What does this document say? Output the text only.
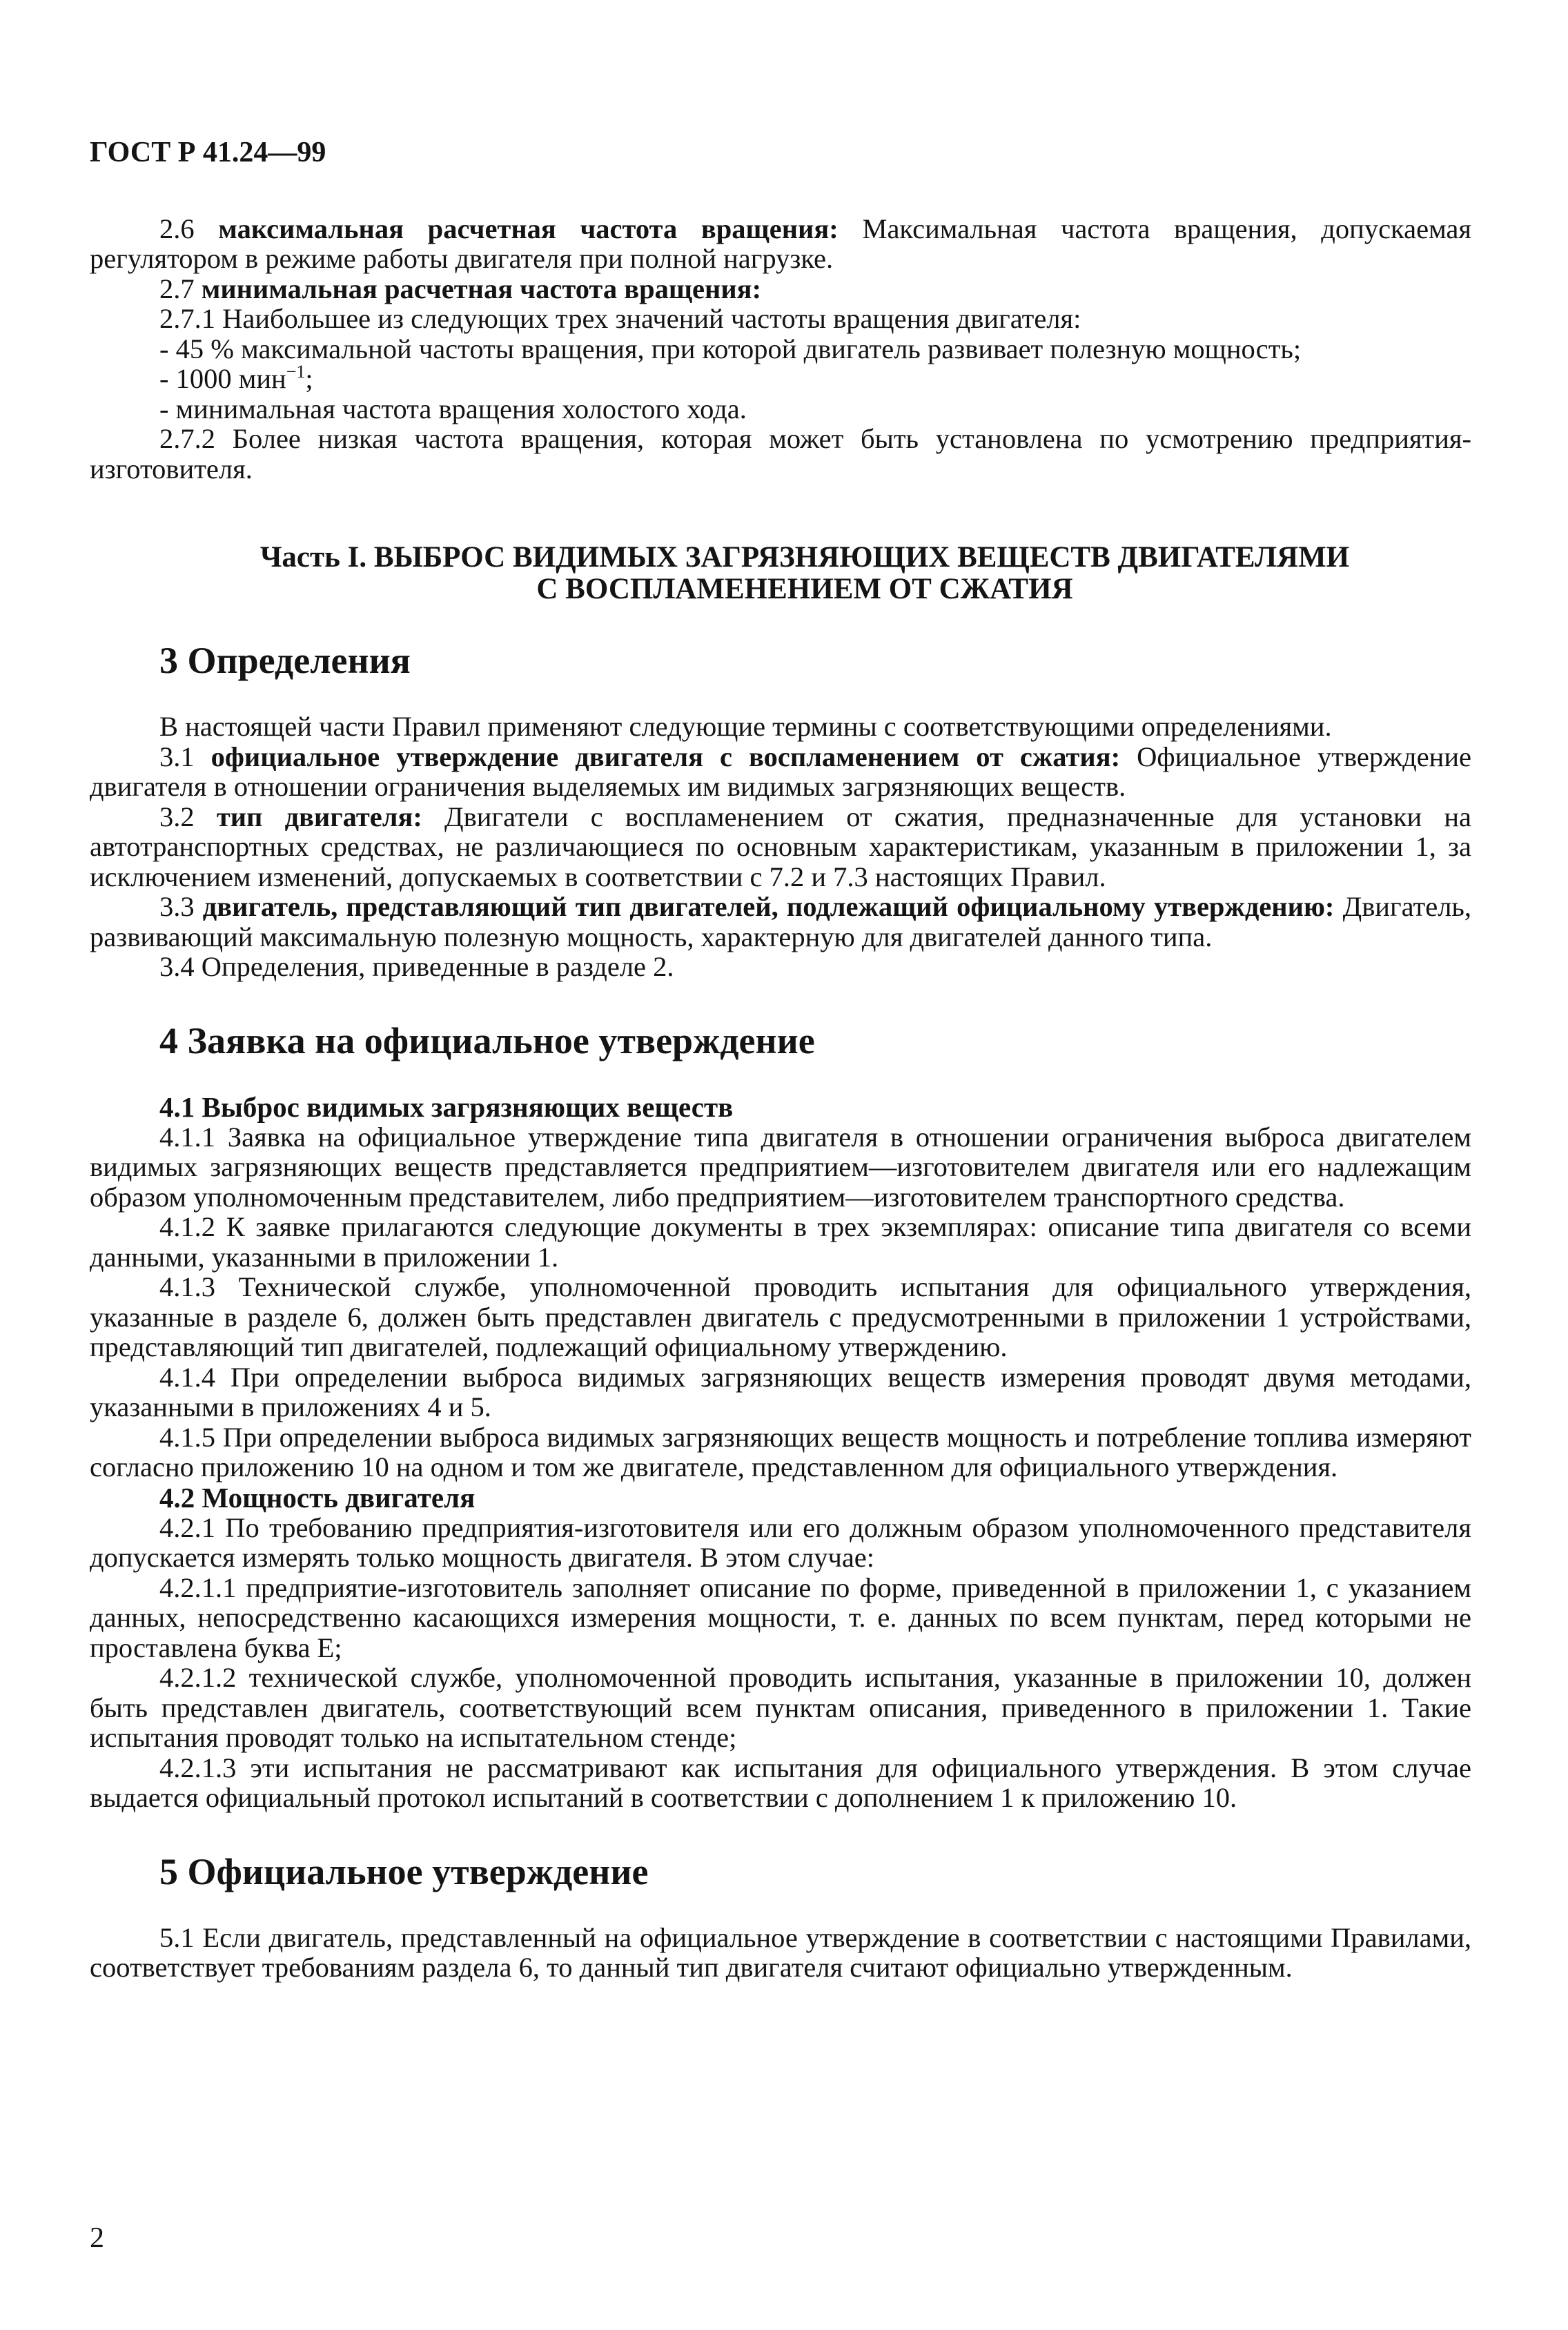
ГОСТ Р 41.24—99

2.6 максимальная расчетная частота вращения: Максимальная частота вращения, допускаемая регулятором в режиме работы двигателя при полной нагрузке.

2.7 минимальная расчетная частота вращения:

2.7.1 Наибольшее из следующих трех значений частоты вращения двигателя:

- 45 % максимальной частоты вращения, при которой двигатель развивает полезную мощность;
- 1000 мин$^{-1}$;
- минимальная частота вращения холостого хода.

2.7.2 Более низкая частота вращения, которая может быть установлена по усмотрению предприятия-изготовителя.

Часть I. ВЫБРОС ВИДИМЫХ ЗАГРЯЗНЯЮЩИХ ВЕЩЕСТВ ДВИГАТЕЛЯМИ
С ВОСПЛАМЕНЕНИЕМ ОТ СЖАТИЯ
3 Определения

В настоящей части Правил применяют следующие термины с соответствующими определениями.

3.1 официальное утверждение двигателя с воспламенением от сжатия: Официальное утверждение двигателя в отношении ограничения выделяемых им видимых загрязняющих веществ.

3.2 тип двигателя: Двигатели с воспламенением от сжатия, предназначенные для установки на автотранспортных средствах, не различающиеся по основным характеристикам, указанным в приложении 1, за исключением изменений, допускаемых в соответствии с 7.2 и 7.3 настоящих Правил.

3.3 двигатель, представляющий тип двигателей, подлежащий официальному утверждению: Двигатель, развивающий максимальную полезную мощность, характерную для двигателей данного типа.

3.4 Определения, приведенные в разделе 2.

4 Заявка на официальное утверждение
4.1 Выброс видимых загрязняющих веществ

4.1.1 Заявка на официальное утверждение типа двигателя в отношении ограничения выброса двигателем видимых загрязняющих веществ представляется предприятием—изготовителем двигателя или его надлежащим образом уполномоченным представителем, либо предприятием—изготовителем транспортного средства.

4.1.2 К заявке прилагаются следующие документы в трех экземплярах: описание типа двигателя со всеми данными, указанными в приложении 1.

4.1.3 Технической службе, уполномоченной проводить испытания для официального утверждения, указанные в разделе 6, должен быть представлен двигатель с предусмотренными в приложении 1 устройствами, представляющий тип двигателей, подлежащий официальному утверждению.

4.1.4 При определении выброса видимых загрязняющих веществ измерения проводят двумя методами, указанными в приложениях 4 и 5.

4.1.5 При определении выброса видимых загрязняющих веществ мощность и потребление топлива измеряют согласно приложению 10 на одном и том же двигателе, представленном для официального утверждения.

4.2 Мощность двигателя

4.2.1 По требованию предприятия-изготовителя или его должным образом уполномоченного представителя допускается измерять только мощность двигателя. В этом случае:

4.2.1.1 предприятие-изготовитель заполняет описание по форме, приведенной в приложении 1, с указанием данных, непосредственно касающихся измерения мощности, т. е. данных по всем пунктам, перед которыми не проставлена буква Е;

4.2.1.2 технической службе, уполномоченной проводить испытания, указанные в приложении 10, должен быть представлен двигатель, соответствующий всем пунктам описания, приведенного в приложении 1. Такие испытания проводят только на испытательном стенде;

4.2.1.3 эти испытания не рассматривают как испытания для официального утверждения. В этом случае выдается официальный протокол испытаний в соответствии с дополнением 1 к приложению 10.

5 Официальное утверждение

5.1 Если двигатель, представленный на официальное утверждение в соответствии с настоящими Правилами, соответствует требованиям раздела 6, то данный тип двигателя считают официально утвержденным.

2
